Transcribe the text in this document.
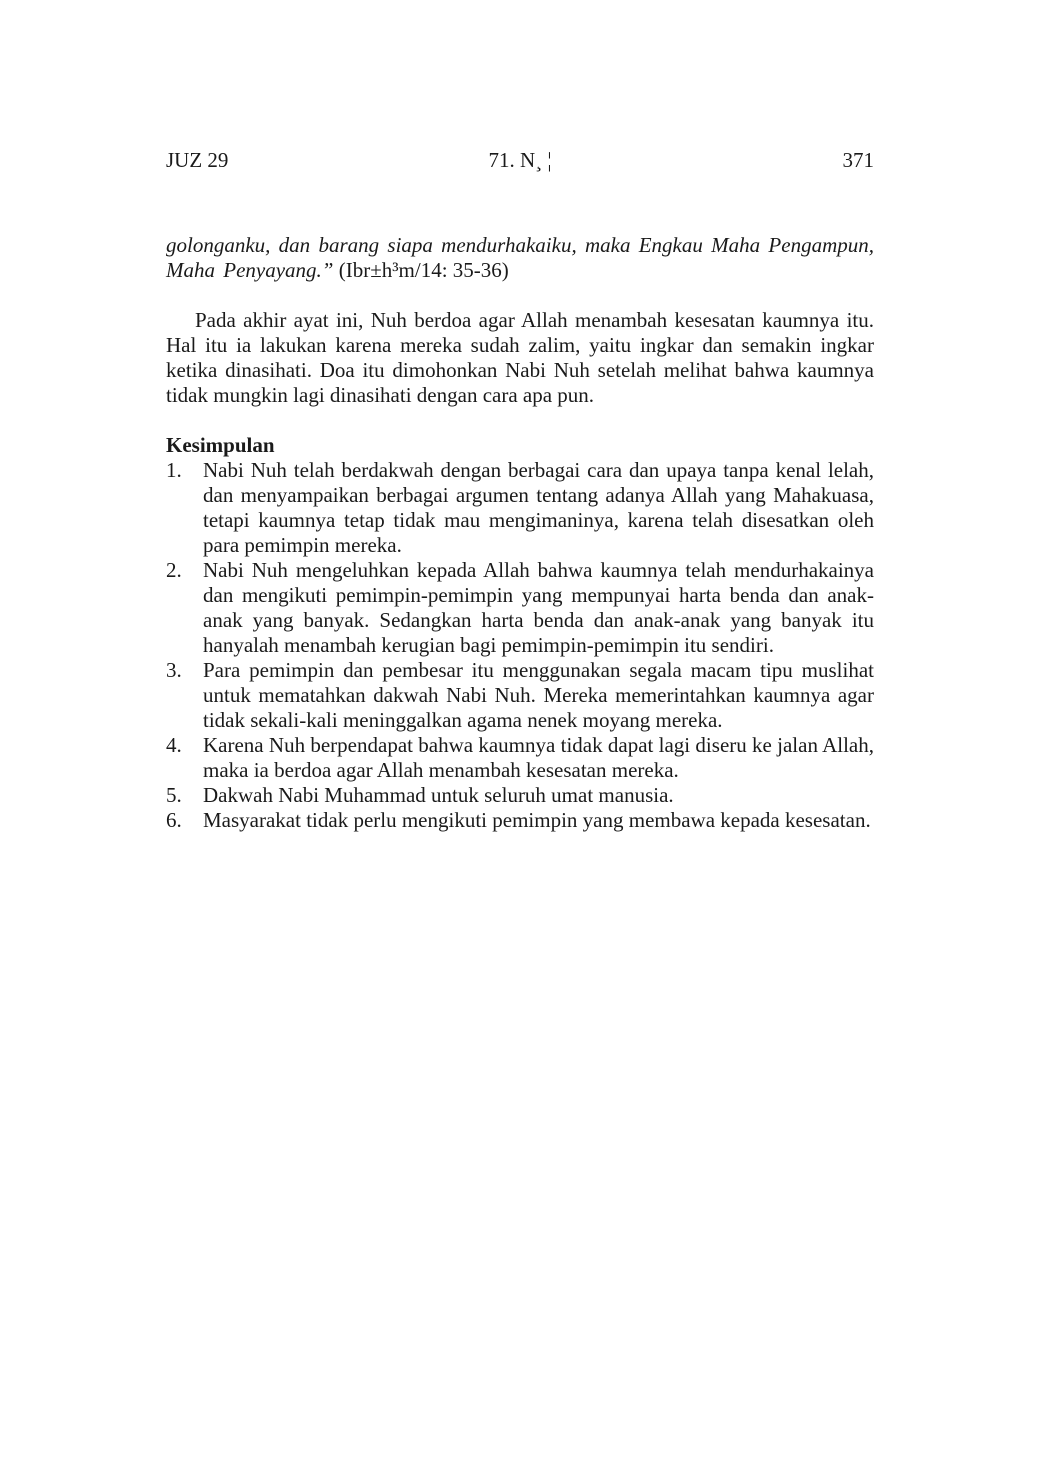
JUZ 29	71. N¸ ¦	371

golonganku, dan barang siapa mendurhakaiku, maka Engkau Maha Pengampun, Maha Penyayang.” (Ibr±h³m/14: 35-36)

Pada akhir ayat ini, Nuh berdoa agar Allah menambah kesesatan kaumnya itu. Hal itu ia lakukan karena mereka sudah zalim, yaitu ingkar dan semakin ingkar ketika dinasihati. Doa itu dimohonkan Nabi Nuh setelah melihat bahwa kaumnya tidak mungkin lagi dinasihati dengan cara apa pun.

Kesimpulan
1. Nabi Nuh telah berdakwah dengan berbagai cara dan upaya tanpa kenal lelah, dan menyampaikan berbagai argumen tentang adanya Allah yang Mahakuasa, tetapi kaumnya tetap tidak mau mengimaninya, karena telah disesatkan oleh para pemimpin mereka.
2. Nabi Nuh mengeluhkan kepada Allah bahwa kaumnya telah mendurhakainya dan mengikuti pemimpin-pemimpin yang mempunyai harta benda dan anak-anak yang banyak. Sedangkan harta benda dan anak-anak yang banyak itu hanyalah menambah kerugian bagi pemimpin-pemimpin itu sendiri.
3. Para pemimpin dan pembesar itu menggunakan segala macam tipu muslihat untuk mematahkan dakwah Nabi Nuh. Mereka memerintahkan kaumnya agar tidak sekali-kali meninggalkan agama nenek moyang mereka.
4. Karena Nuh berpendapat bahwa kaumnya tidak dapat lagi diseru ke jalan Allah, maka ia berdoa agar Allah menambah kesesatan mereka.
5. Dakwah Nabi Muhammad untuk seluruh umat manusia.
6. Masyarakat tidak perlu mengikuti pemimpin yang membawa kepada kesesatan.
